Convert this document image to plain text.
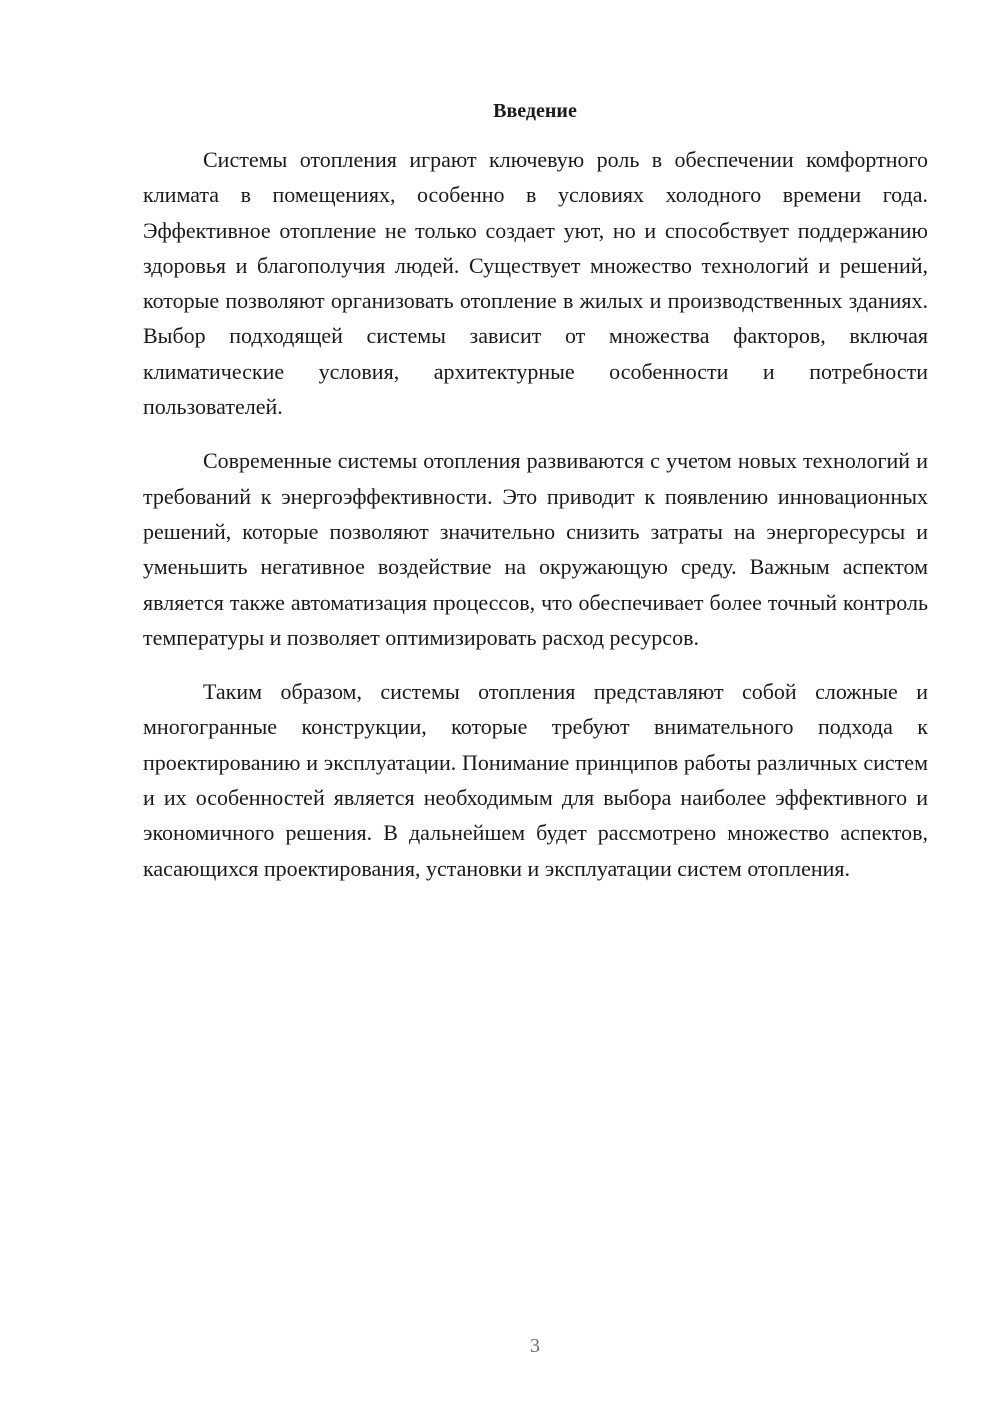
Введение

Системы отопления играют ключевую роль в обеспечении комфортного климата в помещениях, особенно в условиях холодного времени года. Эффективное отопление не только создает уют, но и способствует поддержанию здоровья и благополучия людей. Существует множество технологий и решений, которые позволяют организовать отопление в жилых и производственных зданиях. Выбор подходящей системы зависит от множества факторов, включая климатические условия, архитектурные особенности и потребности пользователей.

Современные системы отопления развиваются с учетом новых технологий и требований к энергоэффективности. Это приводит к появлению инновационных решений, которые позволяют значительно снизить затраты на энергоресурсы и уменьшить негативное воздействие на окружающую среду. Важным аспектом является также автоматизация процессов, что обеспечивает более точный контроль температуры и позволяет оптимизировать расход ресурсов.

Таким образом, системы отопления представляют собой сложные и многогранные конструкции, которые требуют внимательного подхода к проектированию и эксплуатации. Понимание принципов работы различных систем и их особенностей является необходимым для выбора наиболее эффективного и экономичного решения. В дальнейшем будет рассмотрено множество аспектов, касающихся проектирования, установки и эксплуатации систем отопления.

3
